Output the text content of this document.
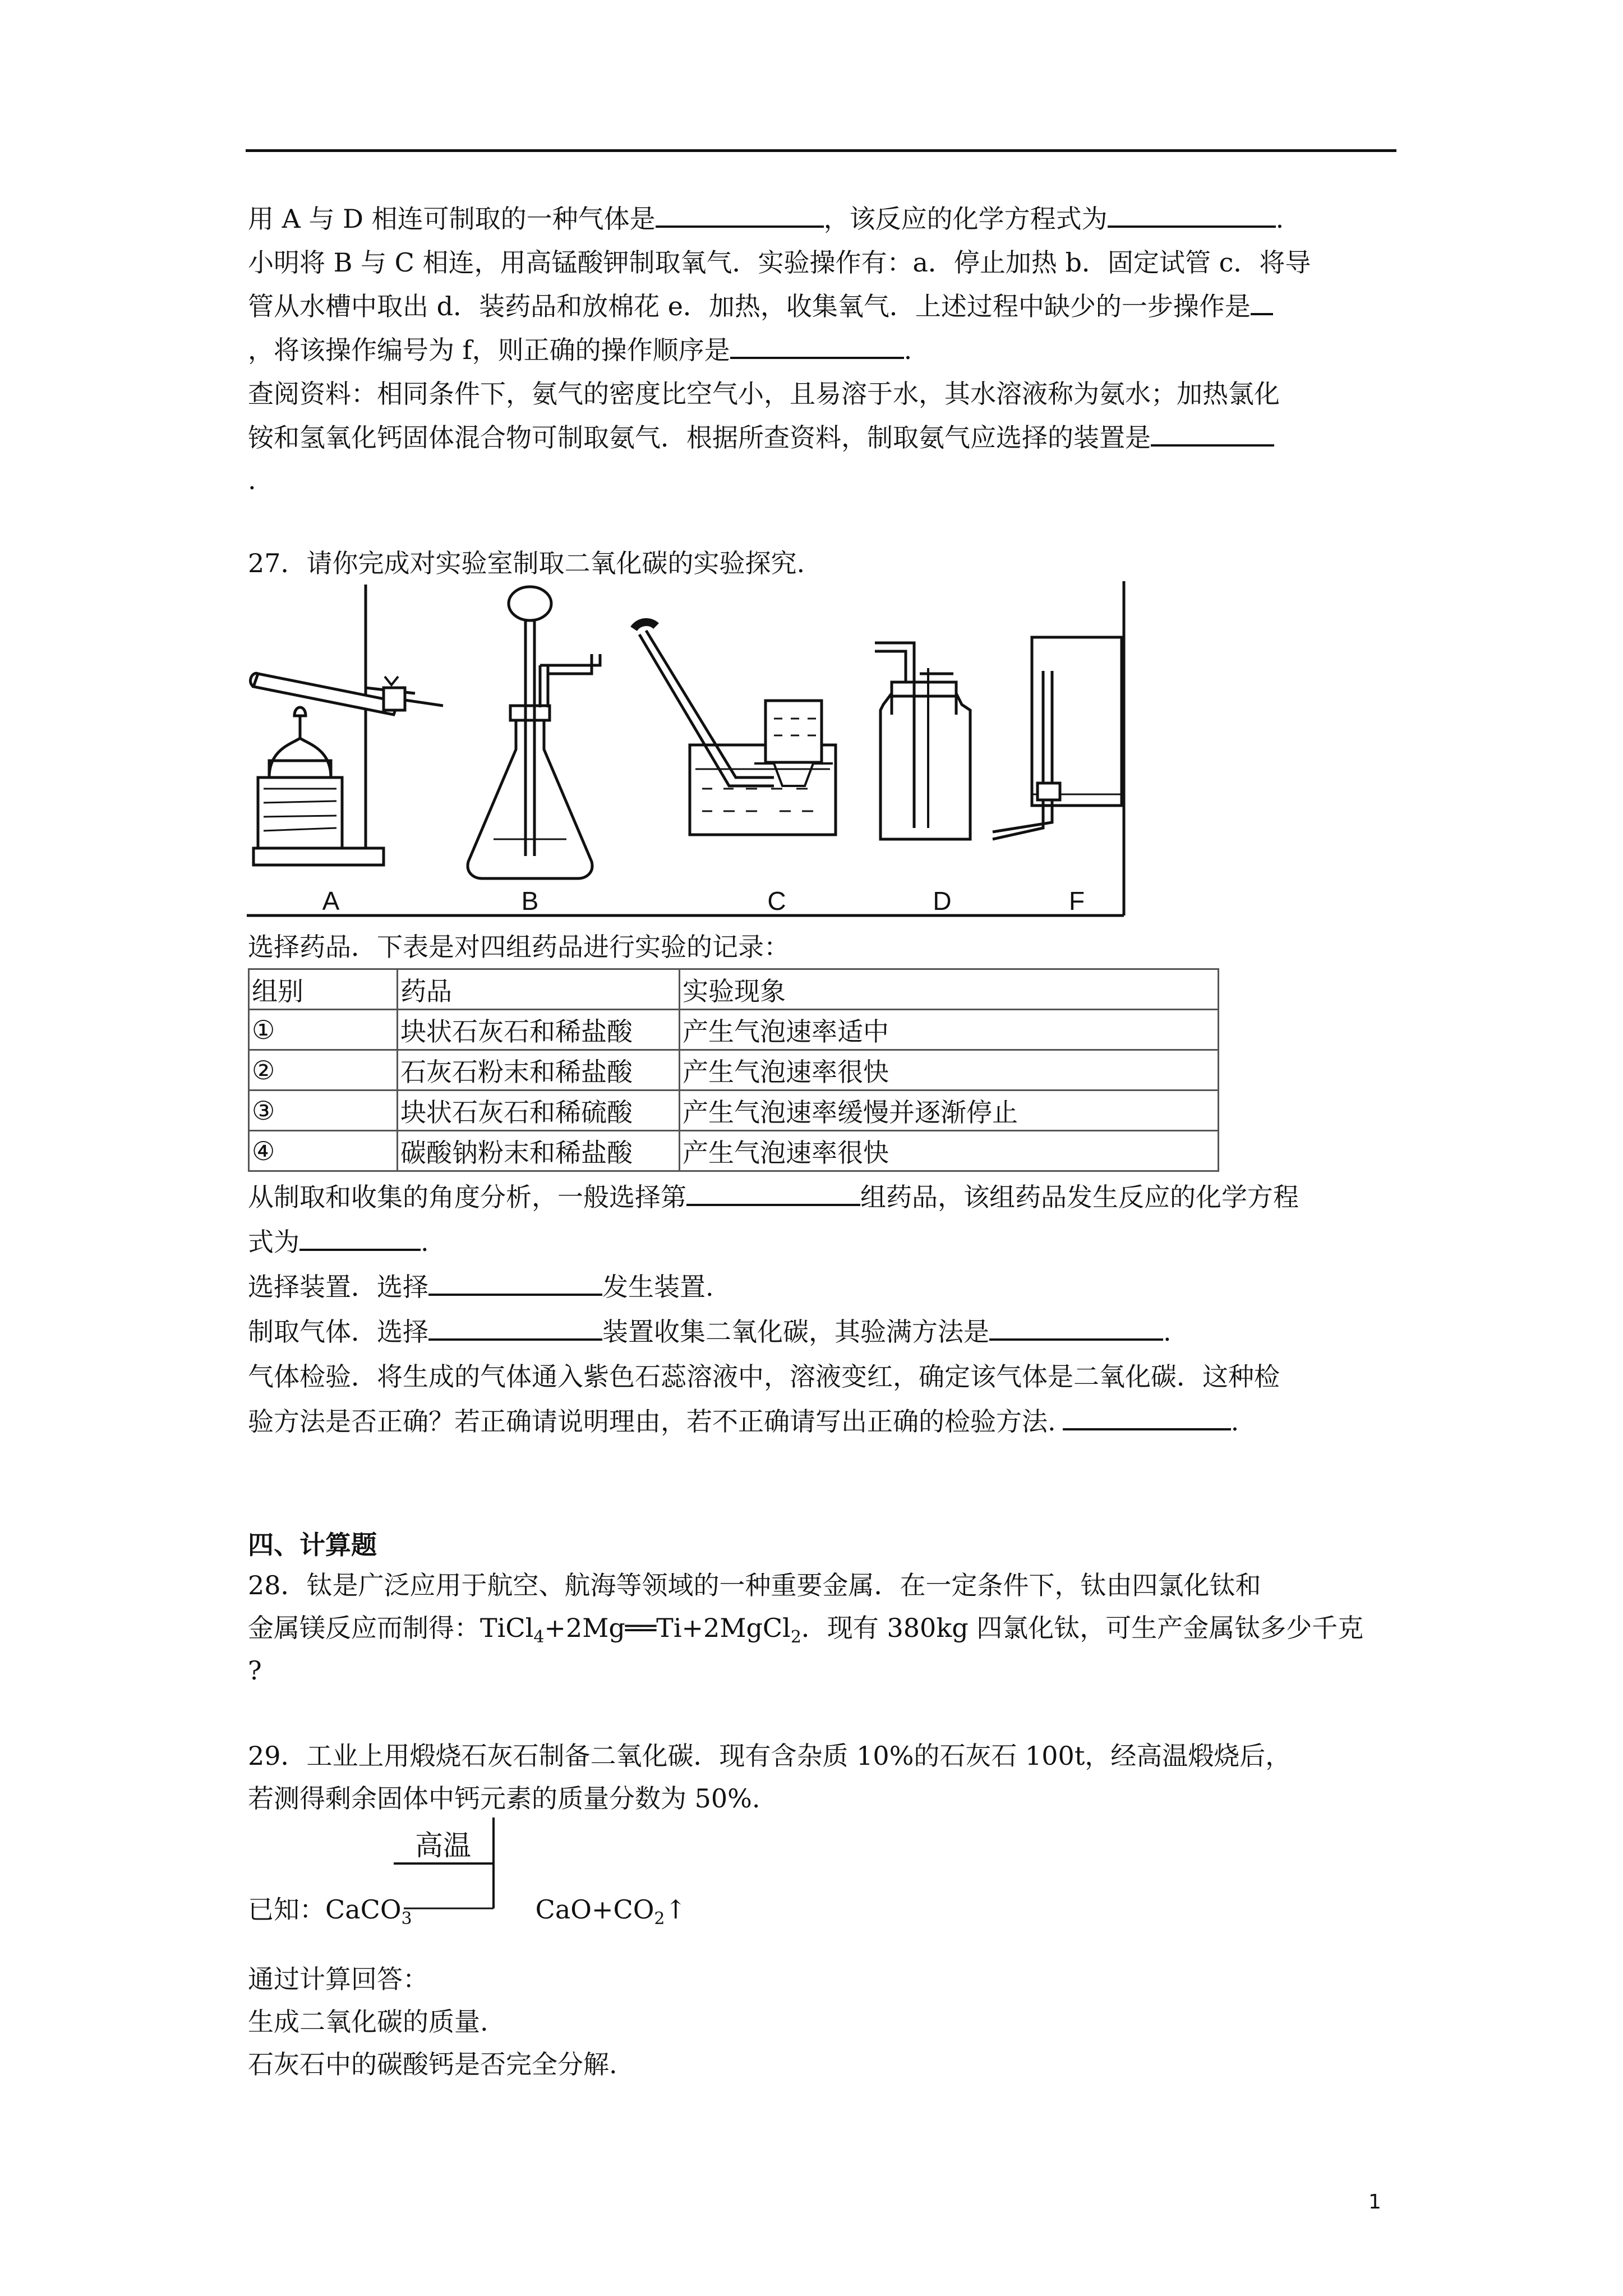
用 A 与 D 相连可制取的一种气体是	，该反应的化学方程式为	.
小明将 B 与 C 相连，用高锰酸钾制取氧气．实验操作有：a．停止加热 b．固定试管 c．将导
管从水槽中取出 d．装药品和放棉花 e．加热，收集氧气．上述过程中缺少的一步操作是
，将该操作编号为 f，则正确的操作顺序是	.
查阅资料：相同条件下，氨气的密度比空气小，且易溶于水，其水溶液称为氨水；加热氯化
铵和氢氧化钙固体混合物可制取氨气．根据所查资料，制取氨气应选择的装置是
.
27．请你完成对实验室制取二氧化碳的实验探究.
A	B	C	D	F
选择药品．下表是对四组药品进行实验的记录：
组别	药品	实验现象
①	块状石灰石和稀盐酸	产生气泡速率适中
②	石灰石粉末和稀盐酸	产生气泡速率很快
③	块状石灰石和稀硫酸	产生气泡速率缓慢并逐渐停止
④	碳酸钠粉末和稀盐酸	产生气泡速率很快
从制取和收集的角度分析，一般选择第	组药品，该组药品发生反应的化学方程
式为	.
选择装置．选择	发生装置.
制取气体．选择	装置收集二氧化碳，其验满方法是	.
气体检验．将生成的气体通入紫色石蕊溶液中，溶液变红，确定该气体是二氧化碳．这种检
验方法是否正确？若正确请说明理由，若不正确请写出正确的检验方法.	.
四、计算题
28．钛是广泛应用于航空、航海等领域的一种重要金属．在一定条件下，钛由四氯化钛和
金属镁反应而制得：TiCl$_4$+2Mg══Ti+2MgCl$_2$．现有 380kg 四氯化钛，可生产金属钛多少千克
?
29．工业上用煅烧石灰石制备二氧化碳．现有含杂质 10%的石灰石 100t，经高温煅烧后，
若测得剩余固体中钙元素的质量分数为 50%.
高温
已知：CaCO$_3$	$CaO+CO_2↑$
通过计算回答：
生成二氧化碳的质量.
石灰石中的碳酸钙是否完全分解.
1
